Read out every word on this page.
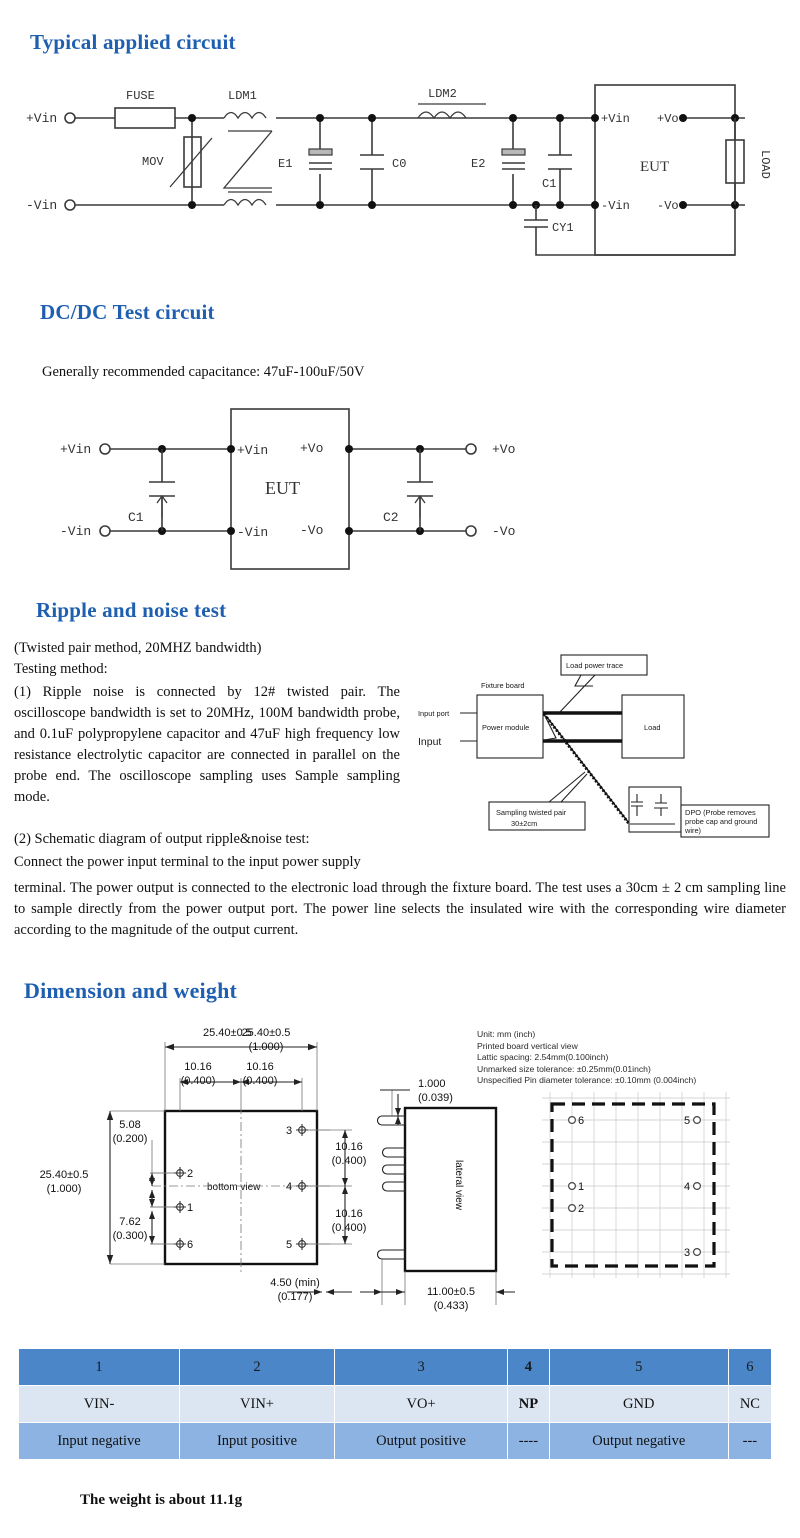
Typical applied circuit
+Vin
-Vin
FUSE
MOV
LDM1
E1	C0
LDM2
E2
C1
CY1
EUT
+Vin
-Vin
+Vo
-Vo
LOAD
DC/DC Test circuit
Generally recommended capacitance: 47uF-100uF/50V
EUT
+Vin
-Vin
C1
+Vin
-Vin
+Vo
-Vo
+Vo
-Vo
C2
Ripple and noise test
(Twisted pair method, 20MHZ bandwidth)
Testing method:
(1) Ripple noise is connected by 12# twisted pair. The oscilloscope bandwidth is set to 20MHz, 100M bandwidth probe, and 0.1uF polypropylene capacitor and 47uF high frequency low resistance electrolytic capacitor are connected in parallel on the probe end. The oscilloscope sampling uses Sample sampling mode.
(2) Schematic diagram of output ripple&noise test:
Connect the power input terminal to the input power supply
terminal. The power output is connected to the electronic load through the fixture board. The test uses a 30cm ± 2 cm sampling line to sample directly from the power output port. The power line selects the insulated wire with the corresponding wire diameter according to the magnitude of the output current.
Load power trace
Fixture board
Power module
Input port
Input
Load
Sampling twisted pair
30±2cm
DPO (Probe removes
probe cap and ground
wire)
Dimension and weight
bottom view
25.40±0.5
2
1
6
3
4
5
lateral view
6
1
2
5
4
3
25.40±0.5
(1.000)
10.16
(0.400)
10.16
(0.400)
5.08
(0.200)
25.40±0.5
(1.000)
7.62
(0.300)
10.16
(0.400)
10.16
(0.400)
4.50 (min)
(0.177)
1.000
(0.039)
11.00±0.5
(0.433)
Unit: mm (inch)
Printed board vertical view
Lattic spacing: 2.54mm(0.100inch)
Unmarked size tolerance: ±0.25mm(0.01inch)
Unspecified Pin diameter tolerance: ±0.10mm (0.004inch)
1	2	3	4	5	6
VIN-	VIN+	VO+	NP	GND	NC
Input negative	Input positive	Output positive	----	Output negative	---
The weight is about 11.1g
